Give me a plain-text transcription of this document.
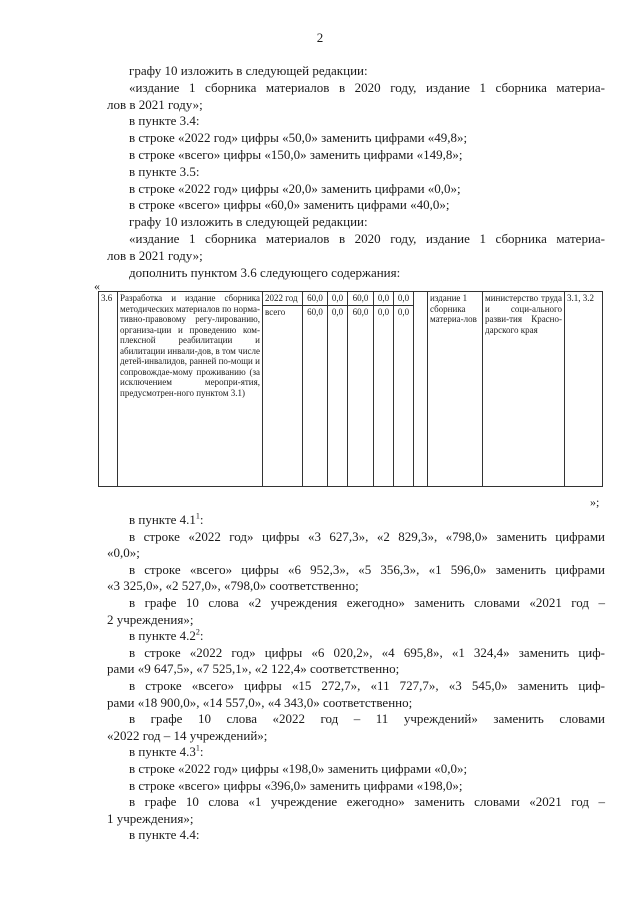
2
графу 10 изложить в следующей редакции:
«издание 1 сборника материалов в 2020 году, издание 1 сборника материа-
лов в 2021 году»;
в пункте 3.4:
в строке «2022 год» цифры «50,0» заменить цифрами «49,8»;
в строке «всего» цифры «150,0» заменить цифрами «149,8»;
в пункте 3.5:
в строке «2022 год» цифры «20,0» заменить цифрами «0,0»;
в строке «всего» цифры «60,0» заменить цифрами «40,0»;
графу 10 изложить в следующей редакции:
«издание 1 сборника материалов в 2020 году, издание 1 сборника материа-
лов в 2021 году»;
дополнить пунктом 3.6 следующего содержания:
«
3.6	Разработка и издание сборника методических материалов по норма-тивно-правовому регу-лированию, организа-ции и проведению ком-плексной реабилитации и абилитации инвали-дов, в том числе детей-инвалидов, ранней по-мощи и сопровождае-мому проживанию (за исключением меропри-ятия, предусмотрен-ного пунктом 3.1)	2022 год	60,0	0,0	60,0	0,0	0,0		издание 1 сборника материа-лов	министерство труда и соци-ального разви-тия Красно-дарского края	3.1, 3.2
		всего	60,0	0,0	60,0	0,0	0,0				
»;
в пункте $4.1^1$:
в строке «2022 год» цифры «3 627,3», «2 829,3», «798,0» заменить цифрами
«0,0»;
в строке «всего» цифры «6 952,3», «5 356,3», «1 596,0» заменить цифрами
«3 325,0», «2 527,0», «798,0» соответственно;
в графе 10 слова «2 учреждения ежегодно» заменить словами «2021 год –
2 учреждения»;
в пункте $4.2^2$:
в строке «2022 год» цифры «6 020,2», «4 695,8», «1 324,4» заменить циф-
рами «9 647,5», «7 525,1», «2 122,4» соответственно;
в строке «всего» цифры «15 272,7», «11 727,7», «3 545,0» заменить циф-
рами «18 900,0», «14 557,0», «4 343,0» соответственно;
в графе 10 слова «2022 год – 11 учреждений» заменить словами
«2022 год – 14 учреждений»;
в пункте $4.3^1$:
в строке «2022 год» цифры «198,0» заменить цифрами «0,0»;
в строке «всего» цифры «396,0» заменить цифрами «198,0»;
в графе 10 слова «1 учреждение ежегодно» заменить словами «2021 год –
1 учреждения»;
в пункте 4.4:
